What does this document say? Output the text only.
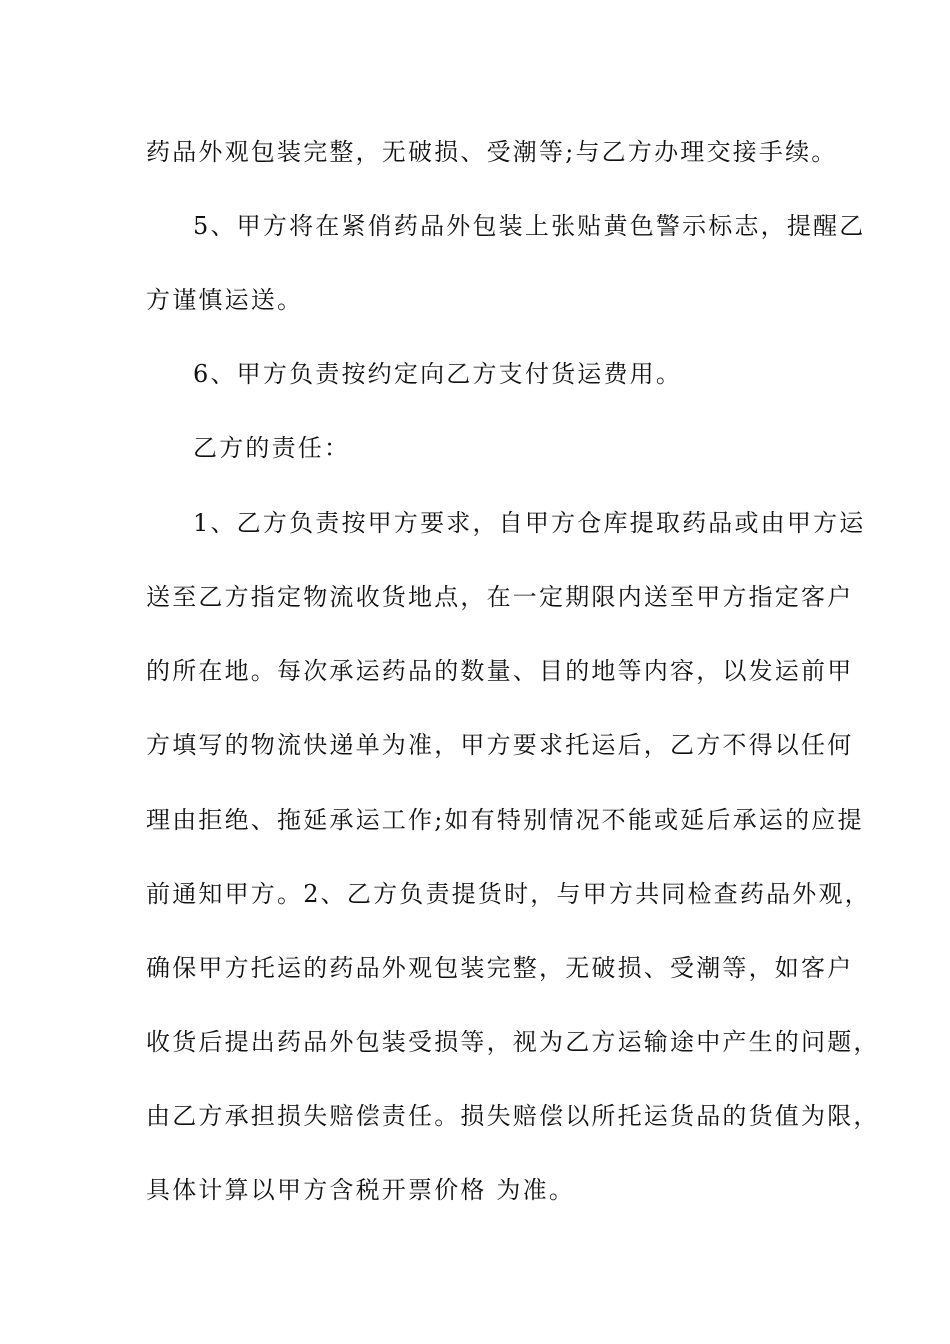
药品外观包装完整，无破损、受潮等;与乙方办理交接手续。

5、甲方将在紧俏药品外包装上张贴黄色警示标志，提醒乙

方谨慎运送。

6、甲方负责按约定向乙方支付货运费用。

乙方的责任：

1、乙方负责按甲方要求，自甲方仓库提取药品或由甲方运

送至乙方指定物流收货地点，在一定期限内送至甲方指定客户

的所在地。每次承运药品的数量、目的地等内容，以发运前甲

方填写的物流快递单为准，甲方要求托运后，乙方不得以任何

理由拒绝、拖延承运工作;如有特别情况不能或延后承运的应提

前通知甲方。2、乙方负责提货时，与甲方共同检查药品外观，

确保甲方托运的药品外观包装完整，无破损、受潮等，如客户

收货后提出药品外包装受损等，视为乙方运输途中产生的问题，

由乙方承担损失赔偿责任。损失赔偿以所托运货品的货值为限，

具体计算以甲方含税开票价格 为准。
